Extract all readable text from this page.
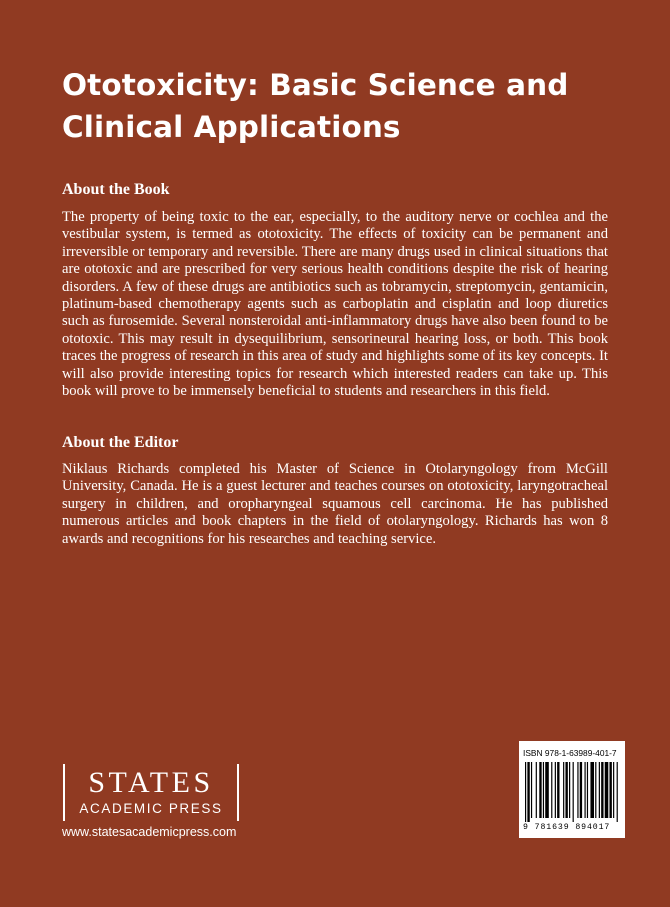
Ototoxicity: Basic Science and Clinical Applications
About the Book

The property of being toxic to the ear, especially, to the auditory nerve or cochlea and the vestibular system, is termed as ototoxicity. The effects of toxicity can be permanent and irreversible or temporary and reversible. There are many drugs used in clinical situations that are ototoxic and are prescribed for very serious health conditions despite the risk of hearing disorders. A few of these drugs are antibiotics such as tobramycin, streptomycin, gentamicin, platinum-based chemotherapy agents such as carboplatin and cisplatin and loop diuretics such as furosemide. Several nonsteroidal anti-inflammatory drugs have also been found to be ototoxic. This may result in dysequilibrium, sensorineural hearing loss, or both. This book traces the progress of research in this area of study and highlights some of its key concepts. It will also provide interesting topics for research which interested readers can take up. This book will prove to be immensely beneficial to students and researchers in this field.

About the Editor

Niklaus Richards completed his Master of Science in Otolaryngology from McGill University, Canada. He is a guest lecturer and teaches courses on ototoxicity, laryngotracheal surgery in children, and oropharyngeal squamous cell carcinoma. He has published numerous articles and book chapters in the field of otolaryngology. Richards has won 8 awards and recognitions for his researches and teaching service.

STATES
ACADEMIC PRESS
www.statesacademicpress.com
ISBN 978-1-63989-401-7
9 781639 894017
